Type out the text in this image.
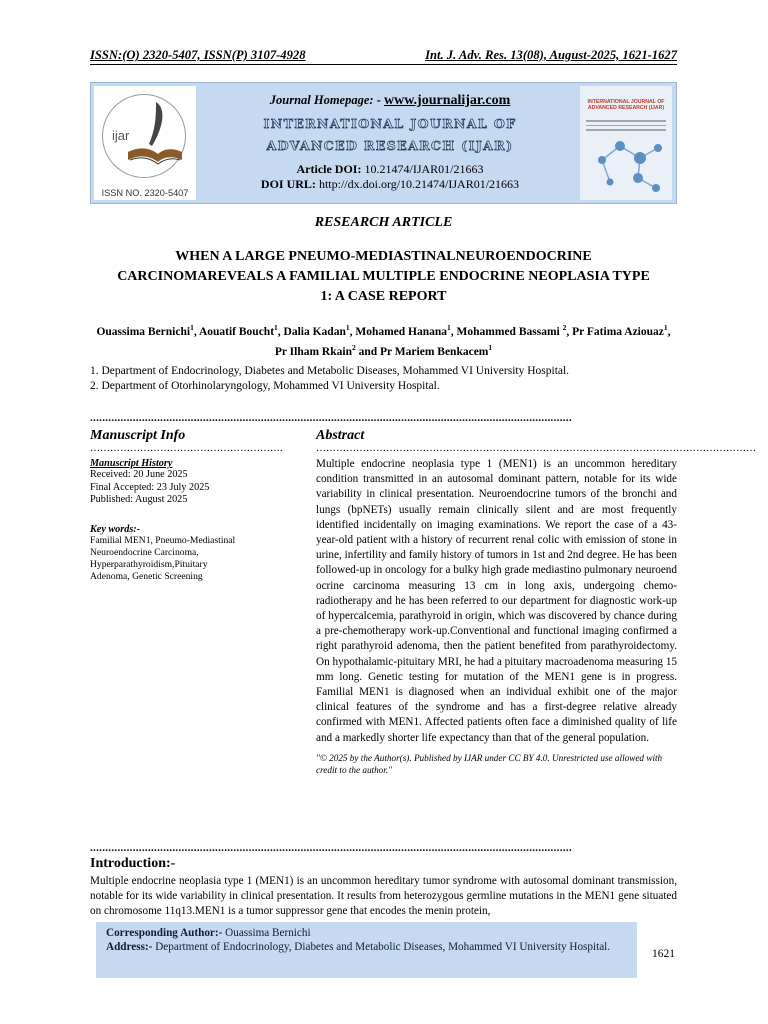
ISSN:(O) 2320-5407, ISSN(P) 3107-4928	Int. J. Adv. Res. 13(08), August-2025, 1621-1627
ijar
ISSN NO. 2320-5407
Journal Homepage: - www.journalijar.com
INTERNATIONAL JOURNAL OF
ADVANCED RESEARCH (IJAR)
Article DOI: 10.21474/IJAR01/21663
DOI URL: http://dx.doi.org/10.21474/IJAR01/21663
INTERNATIONAL JOURNAL OF ADVANCED RESEARCH (IJAR)
RESEARCH ARTICLE
WHEN A LARGE PNEUMO-MEDIASTINALNEUROENDOCRINE
CARCINOMAREVEALS A FAMILIAL MULTIPLE ENDOCRINE NEOPLASIA TYPE
1: A CASE REPORT
Ouassima Bernichi$^1$, Aouatif Boucht$^1$, Dalia Kadan$^1$, Mohamed Hanana$^1$, Mohammed Bassami $^2$, Pr Fatima Aziouaz$^1$, Pr Ilham Rkain$^2$ and Pr Mariem Benkacem$^1$
1. Department of Endocrinology, Diabetes and Metabolic Diseases, Mohammed VI University Hospital.
2. Department of Otorhinolaryngology, Mohammed VI University Hospital.
..............................................................................................................................................................
Manuscript Info
………………………………………………….
Manuscript History
Received: 20 June 2025
Final Accepted: 23 July 2025
Published: August 2025
Key words:-
Familial MEN1, Pneumo-Mediastinal
Neuroendocrine Carcinoma,
Hyperparathyroidism,Pituitary
Adenoma, Genetic Screening
Abstract
……………………………………………………………………………………………………………………
Multiple endocrine neoplasia type 1 (MEN1) is an uncommon hereditary condition transmitted in an autosomal dominant pattern, notable for its wide variability in clinical presentation. Neuroendocrine tumors of the bronchi and lungs (bpNETs) usually remain clinically silent and are most frequently identified incidentally on imaging examinations. We report the case of a 43-year-old patient with a history of recurrent renal colic with emission of stone in urine, infertility and family history of tumors in 1st and 2nd degree. He has been followed-up in oncology for a bulky high grade mediastino pulmonary neuroend ocrine carcinoma measuring 13 cm in long axis, undergoing chemo-radiotherapy and he has been referred to our department for diagnostic work-up of hypercalcemia, parathyroid in origin, which was discovered by chance during a pre-chemotherapy work-up.Conventional and functional imaging confirmed a right parathyroid adenoma, then the patient benefited from parathyroidectomy. On hypothalamic-pituitary MRI, he had a pituitary macroadenoma measuring 15 mm long. Genetic testing for mutation of the MEN1 gene is in progress. Familial MEN1 is diagnosed when an individual exhibit one of the major clinical features of the syndrome and has a first-degree relative already confirmed with MEN1. Affected patients often face a diminished quality of life and a markedly shorter life expectancy than that of the general population.
"© 2025 by the Author(s). Published by IJAR under CC BY 4.0. Unrestricted use allowed with credit to the author."
..............................................................................................................................................................
Introduction:-
Multiple endocrine neoplasia type 1 (MEN1) is an uncommon hereditary tumor syndrome with autosomal dominant transmission, notable for its wide variability in clinical presentation. It results from heterozygous germline mutations in the MEN1 gene situated on chromosome 11q13.MEN1 is a tumor suppressor gene that encodes the menin protein,
Corresponding Author:- Ouassima Bernichi
Address:- Department of Endocrinology, Diabetes and Metabolic Diseases, Mohammed VI University Hospital.
1621
